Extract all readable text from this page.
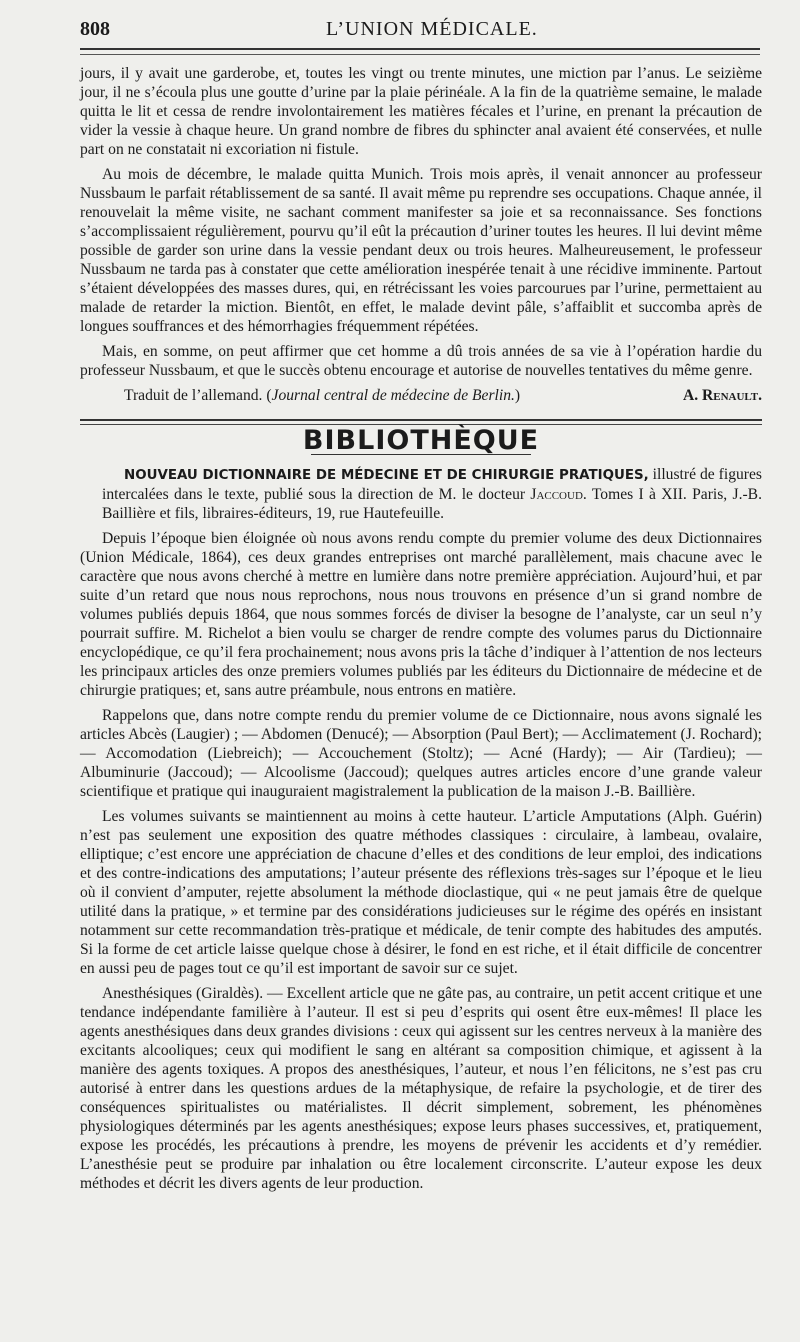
808	L’UNION MÉDICALE.

jours, il y avait une garderobe, et, toutes les vingt ou trente minutes, une miction par l’anus. Le seizième jour, il ne s’écoula plus une goutte d’urine par la plaie périnéale. A la fin de la quatrième semaine, le malade quitta le lit et cessa de rendre involontairement les matières fécales et l’urine, en prenant la précaution de vider la vessie à chaque heure. Un grand nombre de fibres du sphincter anal avaient été conservées, et nulle part on ne constatait ni excoriation ni fistule.

Au mois de décembre, le malade quitta Munich. Trois mois après, il venait annoncer au professeur Nussbaum le parfait rétablissement de sa santé. Il avait même pu reprendre ses occupations. Chaque année, il renouvelait la même visite, ne sachant comment manifester sa joie et sa reconnaissance. Ses fonctions s’accomplissaient régulièrement, pourvu qu’il eût la précaution d’uriner toutes les heures. Il lui devint même possible de garder son urine dans la vessie pendant deux ou trois heures. Malheureusement, le professeur Nussbaum ne tarda pas à constater que cette amélioration inespérée tenait à une récidive imminente. Partout s’étaient développées des masses dures, qui, en rétrécissant les voies parcourues par l’urine, permettaient au malade de retarder la miction. Bientôt, en effet, le malade devint pâle, s’affaiblit et succomba après de longues souffrances et des hémorrhagies fréquemment répétées.

Mais, en somme, on peut affirmer que cet homme a dû trois années de sa vie à l’opération hardie du professeur Nussbaum, et que le succès obtenu encourage et autorise de nouvelles tentatives du même genre.

Traduit de l’allemand. (Journal central de médecine de Berlin.)	A. Renault.
BIBLIOTHÈQUE

NOUVEAU DICTIONNAIRE DE MÉDECINE ET DE CHIRURGIE PRATIQUES, illustré de figures intercalées dans le texte, publié sous la direction de M. le docteur Jaccoud. Tomes I à XII. Paris, J.-B. Baillière et fils, libraires-éditeurs, 19, rue Hautefeuille.

Depuis l’époque bien éloignée où nous avons rendu compte du premier volume des deux Dictionnaires (Union Médicale, 1864), ces deux grandes entreprises ont marché parallèlement, mais chacune avec le caractère que nous avons cherché à mettre en lumière dans notre première appréciation. Aujourd’hui, et par suite d’un retard que nous nous reprochons, nous nous trouvons en présence d’un si grand nombre de volumes publiés depuis 1864, que nous sommes forcés de diviser la besogne de l’analyste, car un seul n’y pourrait suffire. M. Richelot a bien voulu se charger de rendre compte des volumes parus du Dictionnaire encyclopédique, ce qu’il fera prochainement; nous avons pris la tâche d’indiquer à l’attention de nos lecteurs les principaux articles des onze premiers volumes publiés par les éditeurs du Dictionnaire de médecine et de chirurgie pratiques; et, sans autre préambule, nous entrons en matière.

Rappelons que, dans notre compte rendu du premier volume de ce Dictionnaire, nous avons signalé les articles Abcès (Laugier) ; — Abdomen (Denucé); — Absorption (Paul Bert); — Acclimatement (J. Rochard); — Accomodation (Liebreich); — Accouchement (Stoltz); — Acné (Hardy); — Air (Tardieu); — Albuminurie (Jaccoud); — Alcoolisme (Jaccoud); quelques autres articles encore d’une grande valeur scientifique et pratique qui inauguraient magistralement la publication de la maison J.-B. Baillière.

Les volumes suivants se maintiennent au moins à cette hauteur. L’article Amputations (Alph. Guérin) n’est pas seulement une exposition des quatre méthodes classiques : circulaire, à lambeau, ovalaire, elliptique; c’est encore une appréciation de chacune d’elles et des conditions de leur emploi, des indications et des contre-indications des amputations; l’auteur présente des réflexions très-sages sur l’époque et le lieu où il convient d’amputer, rejette absolument la méthode dioclastique, qui « ne peut jamais être de quelque utilité dans la pratique, » et termine par des considérations judicieuses sur le régime des opérés en insistant notamment sur cette recommandation très-pratique et médicale, de tenir compte des habitudes des amputés. Si la forme de cet article laisse quelque chose à désirer, le fond en est riche, et il était difficile de concentrer en aussi peu de pages tout ce qu’il est important de savoir sur ce sujet.

Anesthésiques (Giraldès). — Excellent article que ne gâte pas, au contraire, un petit accent critique et une tendance indépendante familière à l’auteur. Il est si peu d’esprits qui osent être eux-mêmes! Il place les agents anesthésiques dans deux grandes divisions : ceux qui agissent sur les centres nerveux à la manière des excitants alcooliques; ceux qui modifient le sang en altérant sa composition chimique, et agissent à la manière des agents toxiques. A propos des anesthésiques, l’auteur, et nous l’en félicitons, ne s’est pas cru autorisé à entrer dans les questions ardues de la métaphysique, de refaire la psychologie, et de tirer des conséquences spiritualistes ou matérialistes. Il décrit simplement, sobrement, les phénomènes physiologiques déterminés par les agents anesthésiques; expose leurs phases successives, et, pratiquement, expose les procédés, les précautions à prendre, les moyens de prévenir les accidents et d’y remédier. L’anesthésie peut se produire par inhalation ou être localement circonscrite. L’auteur expose les deux méthodes et décrit les divers agents de leur production.
